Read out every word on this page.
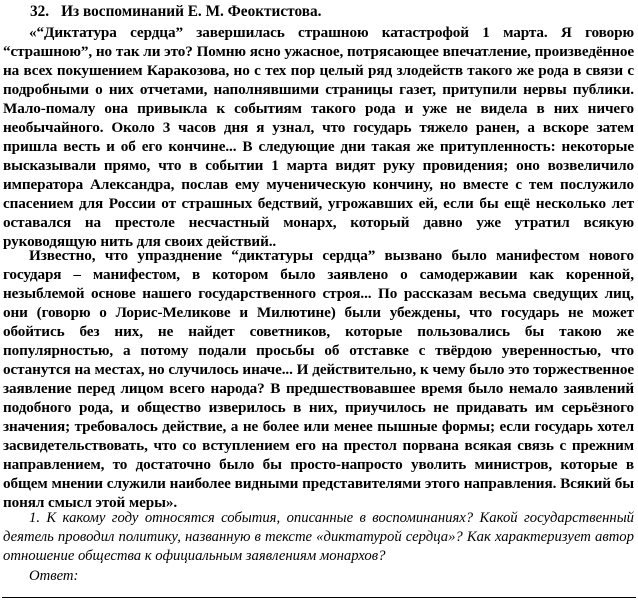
32. Из воспоминаний Е. М. Феоктистова.

«“Диктатура сердца” завершилась страшною катастрофой 1 марта. Я говорю “страшною”, но так ли это? Помню ясно ужасное, потрясающее впечатление, произведённое на всех покушением Каракозова, но с тех пор целый ряд злодейств такого же рода в связи с подробными о них отчетами, наполнявшими страницы газет, притупили нервы публики. Мало-помалу она привыкла к событиям такого рода и уже не видела в них ничего необычайного. Около 3 часов дня я узнал, что государь тяжело ранен, а вскоре затем пришла весть и об его кончине... В следующие дни такая же притупленность: некоторые высказывали прямо, что в событии 1 марта видят руку провидения; оно возвеличило императора Александра, послав ему мученическую кончину, но вместе с тем послужило спасением для России от страшных бедствий, угрожавших ей, если бы ещё несколько лет оставался на престоле несчастный монарх, который давно уже утратил всякую руководящую нить для своих действий..

Известно, что упразднение “диктатуры сердца” вызвано было манифестом нового государя – манифестом, в котором было заявлено о самодержавии как коренной, незыблемой основе нашего государственного строя... По рассказам весьма сведущих лиц, они (говорю о Лорис-Меликове и Милютине) были убеждены, что государь не может обойтись без них, не найдет советников, которые пользовались бы такою же популярностью, а потому подали просьбы об отставке с твёрдою уверенностью, что останутся на местах, но случилось иначе... И действительно, к чему было это торжественное заявление перед лицом всего народа? В предшествовавшее время было немало заявлений подобного рода, и общество изверилось в них, приучилось не придавать им серьёзного значения; требовалось действие, а не более или менее пышные формы; если государь хотел засвидетельствовать, что со вступлением его на престол порвана всякая связь с прежним направлением, то достаточно было бы просто-напросто уволить министров, которые в общем мнении служили наиболее видными представителями этого направления. Всякий бы понял смысл этой меры».

1. К какому году относятся события, описанные в воспоминаниях? Какой государственный деятель проводил политику, названную в тексте «диктатурой сердца»? Как характеризует автор отношение общества к официальным заявлениям монархов?

Ответ:
